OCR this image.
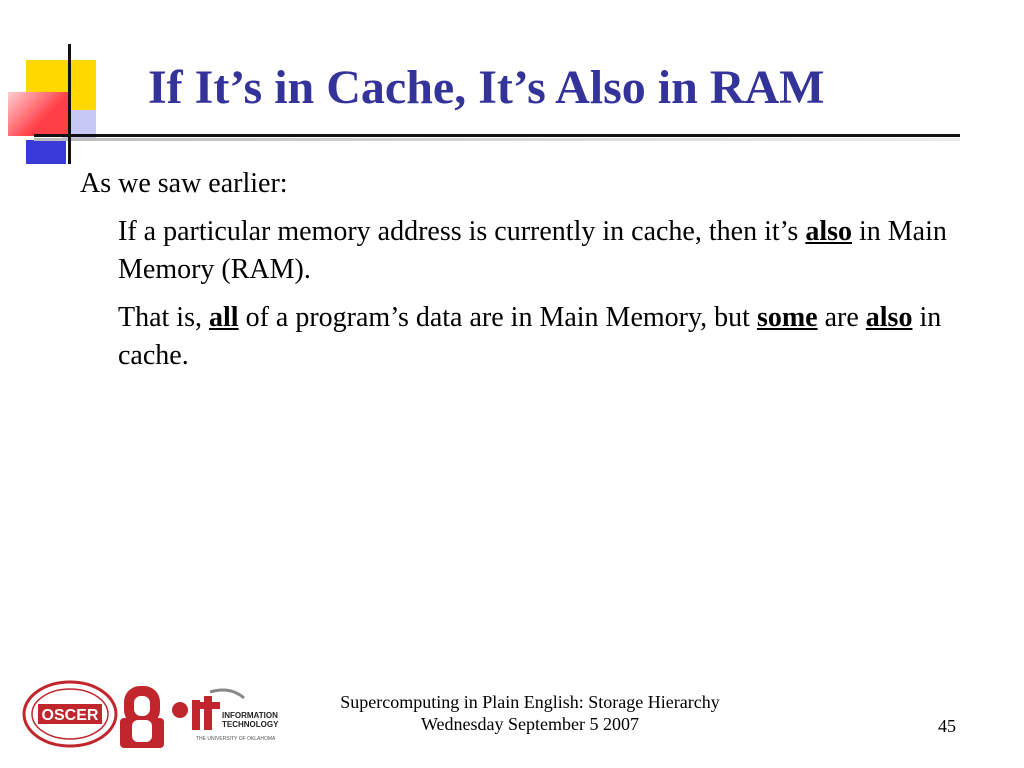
If It’s in Cache, It’s Also in RAM

As we saw earlier:

If a particular memory address is currently in cache, then it’s also in Main Memory (RAM).

That is, all of a program’s data are in Main Memory, but some are also in cache.

OSCER	INFORMATION
TECHNOLOGY
THE UNIVERSITY OF OKLAHOMA
Supercomputing in Plain English: Storage Hierarchy
Wednesday September 5 2007	45
